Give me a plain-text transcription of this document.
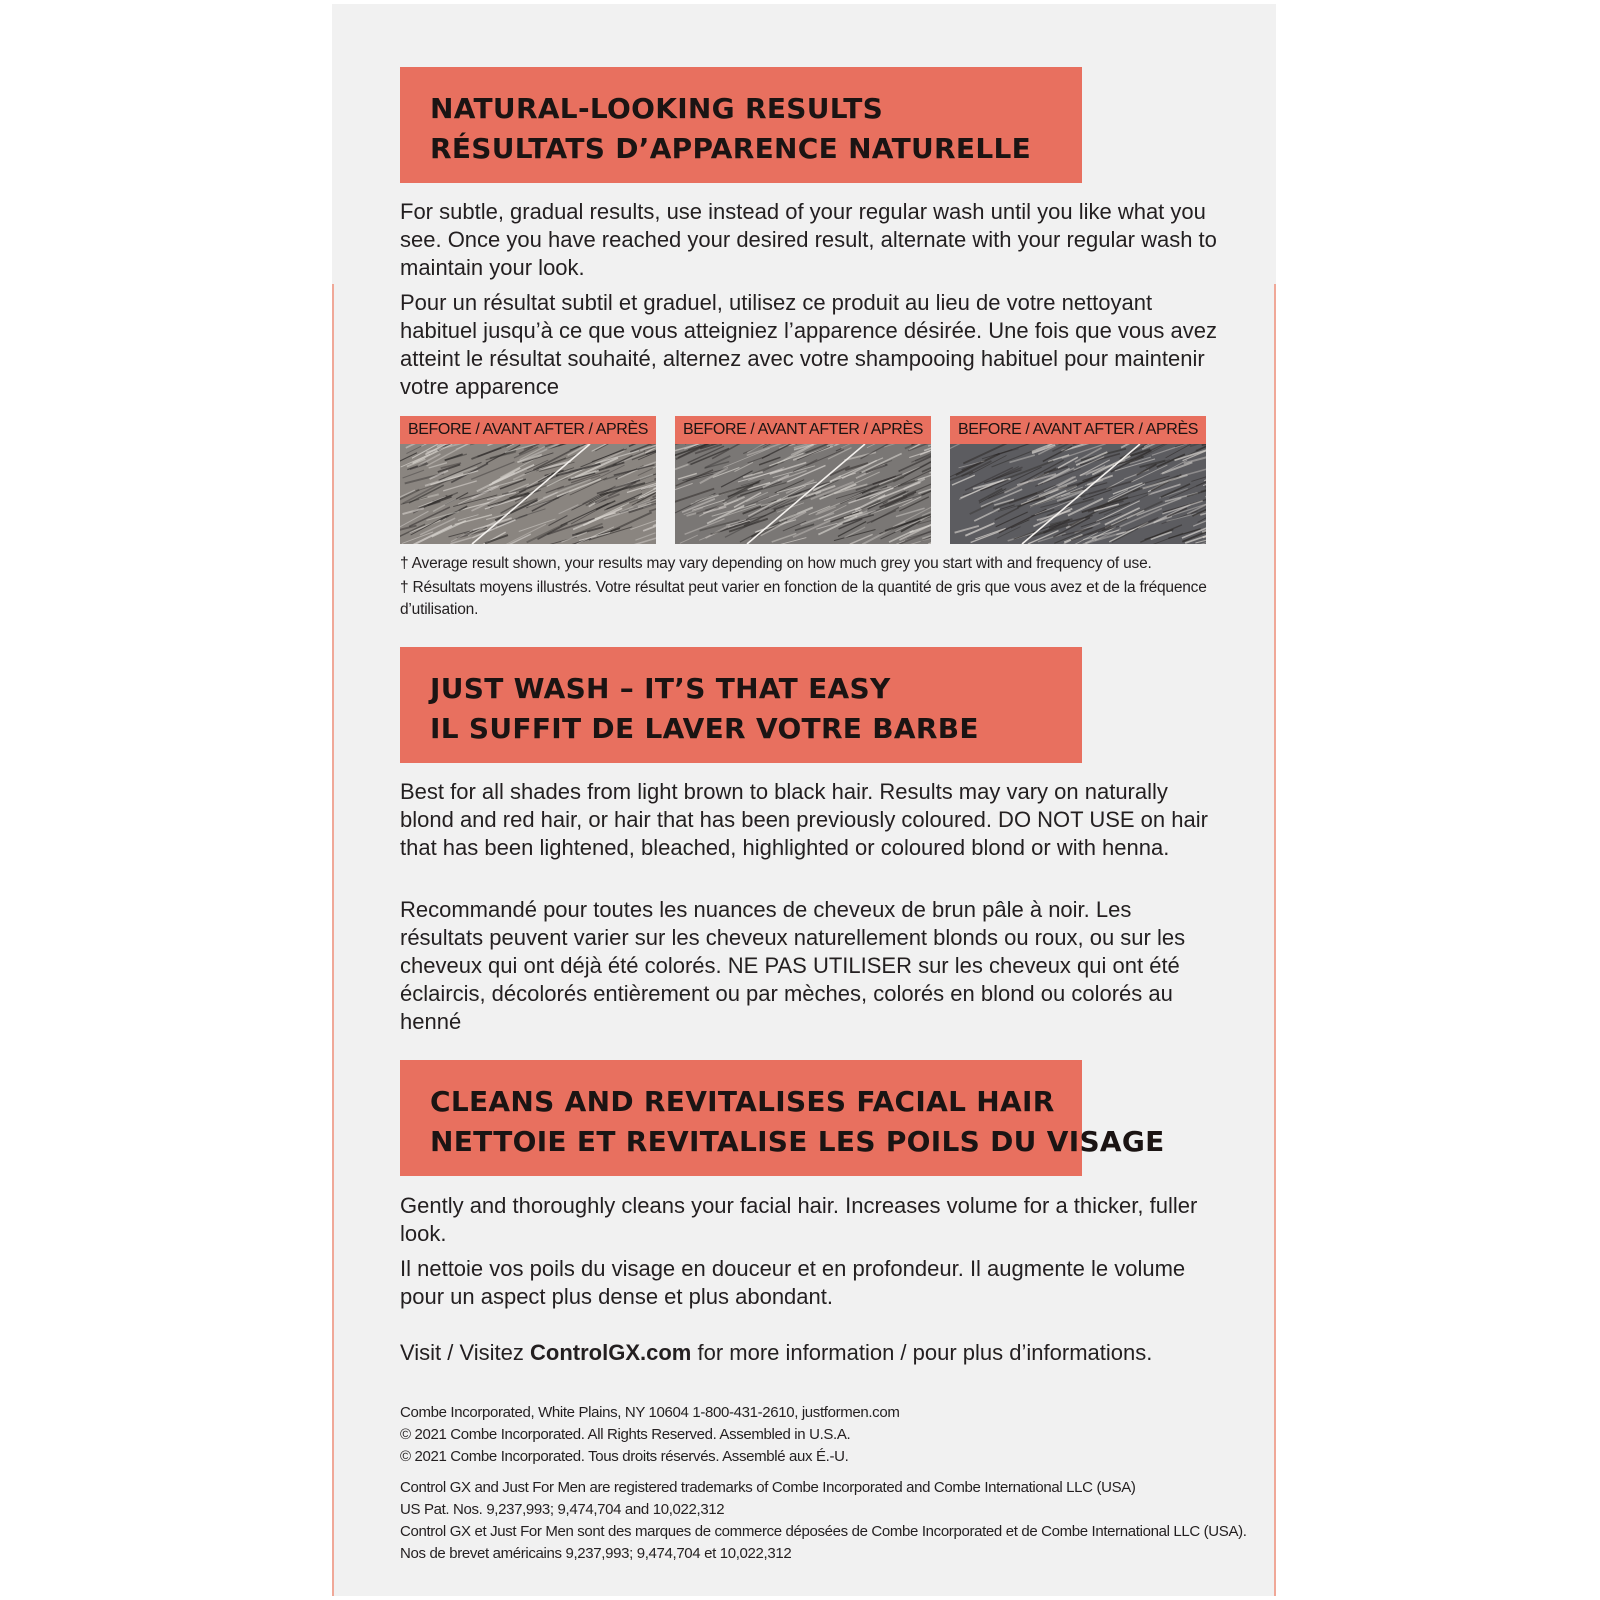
NATURAL-LOOKING RESULTS
RÉSULTATS D’APPARENCE NATURELLE
For subtle, gradual results, use instead of your regular wash until you like what you see. Once you have reached your desired result, alternate with your regular wash to maintain your look.
Pour un résultat subtil et graduel, utilisez ce produit au lieu de votre nettoyant habituel jusqu’à ce que vous atteigniez l’apparence désirée. Une fois que vous avez atteint le résultat souhaité, alternez avec votre shampooing habituel pour maintenir votre apparence
BEFORE / AVANT AFTER / APRÈS BEFORE / AVANT AFTER / APRÈS BEFORE / AVANT AFTER / APRÈS
† Average result shown, your results may vary depending on how much grey you start with and frequency of use.
† Résultats moyens illustrés. Votre résultat peut varier en fonction de la quantité de gris que vous avez et de la fréquence d’utilisation.
JUST WASH – IT’S THAT EASY
IL SUFFIT DE LAVER VOTRE BARBE
Best for all shades from light brown to black hair. Results may vary on naturally blond and red hair, or hair that has been previously coloured. DO NOT USE on hair that has been lightened, bleached, highlighted or coloured blond or with henna.
Recommandé pour toutes les nuances de cheveux de brun pâle à noir. Les résultats peuvent varier sur les cheveux naturellement blonds ou roux, ou sur les cheveux qui ont déjà été colorés. NE PAS UTILISER sur les cheveux qui ont été éclaircis, décolorés entièrement ou par mèches, colorés en blond ou colorés au henné
CLEANS AND REVITALISES FACIAL HAIR
NETTOIE ET REVITALISE LES POILS DU VISAGE
Gently and thoroughly cleans your facial hair. Increases volume for a thicker, fuller look.
Il nettoie vos poils du visage en douceur et en profondeur. Il augmente le volume pour un aspect plus dense et plus abondant.
Visit / Visitez ControlGX.com for more information / pour plus d’informations.
Combe Incorporated, White Plains, NY 10604 1-800-431-2610, justformen.com
© 2021 Combe Incorporated. All Rights Reserved. Assembled in U.S.A.
© 2021 Combe Incorporated. Tous droits réservés. Assemblé aux É.-U.
Control GX and Just For Men are registered trademarks of Combe Incorporated and Combe International LLC (USA)
US Pat. Nos. 9,237,993; 9,474,704 and 10,022,312
Control GX et Just For Men sont des marques de commerce déposées de Combe Incorporated et de Combe International LLC (USA).
Nos de brevet américains 9,237,993; 9,474,704 et 10,022,312
